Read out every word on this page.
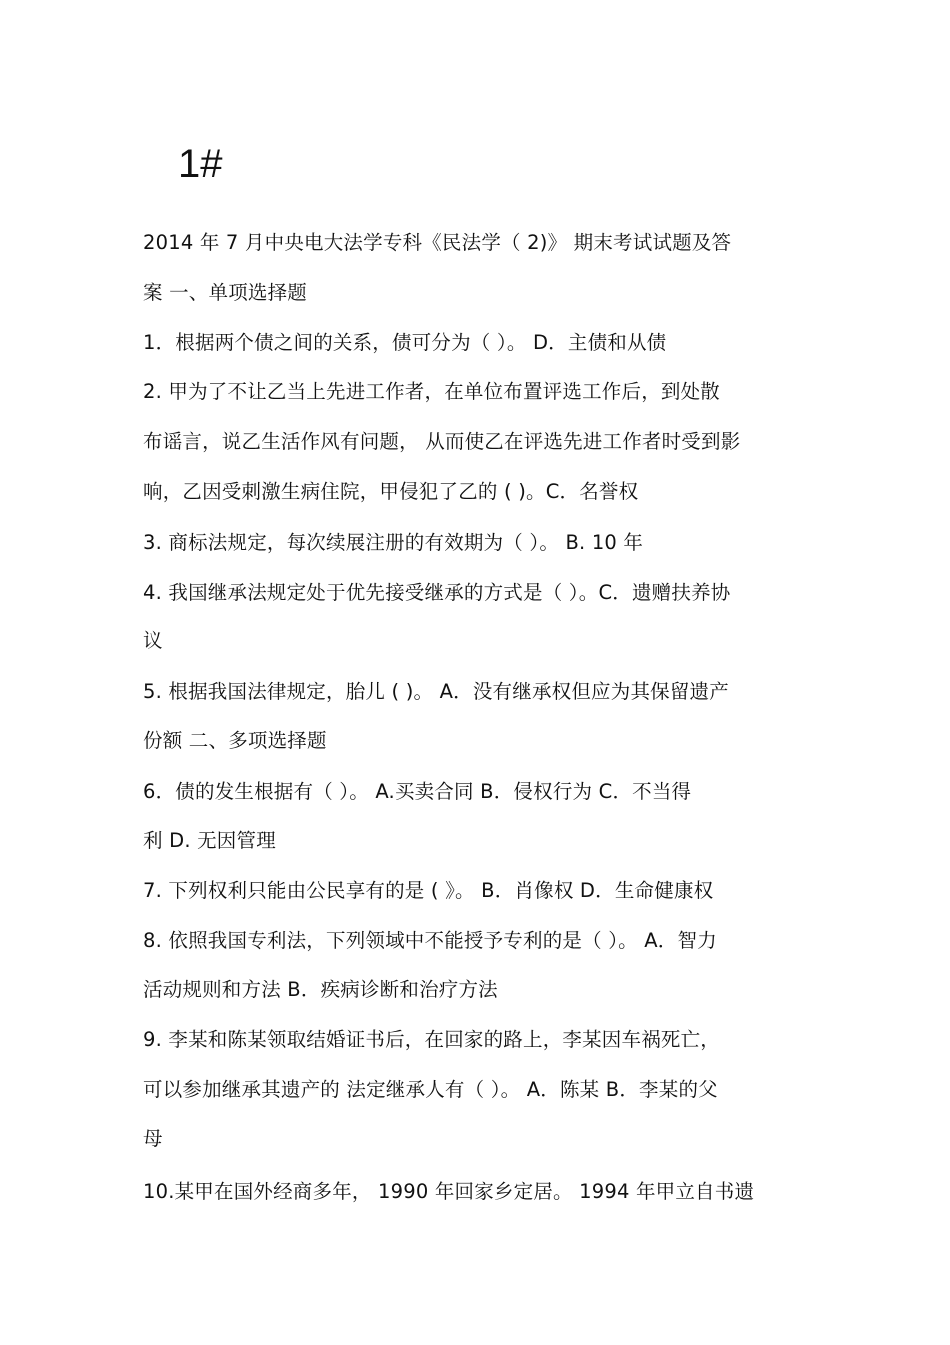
1#
2014 年 7 月中央电大法学专科《民法学（ 2)》 期末考试试题及答
案 一、单项选择题
1．根据两个债之间的关系，债可分为（ ）。 D．主债和从债
2. 甲为了不让乙当上先进工作者，在单位布置评选工作后，到处散
布谣言，说乙生活作风有问题， 从而使乙在评选先进工作者时受到影
响，乙因受刺激生病住院，甲侵犯了乙的 ( )。C．名誉权
3. 商标法规定，每次续展注册的有效期为（ ）。 B. 10 年
4. 我国继承法规定处于优先接受继承的方式是（ ）。C．遗赠扶养协
议
5. 根据我国法律规定，胎儿 ( )。 A．没有继承权但应为其保留遗产
份额 二、多项选择题
6．债的发生根据有（ ）。 A.买卖合同 B．侵权行为 C．不当得
利 D. 无因管理
7. 下列权利只能由公民享有的是 ( 》。 B．肖像权 D．生命健康权
8. 依照我国专利法，下列领域中不能授予专利的是（ ）。 A．智力
活动规则和方法 B．疾病诊断和治疗方法
9. 李某和陈某领取结婚证书后，在回家的路上，李某因车祸死亡，
可以参加继承其遗产的 法定继承人有（ ）。 A．陈某 B．李某的父
母
10.某甲在国外经商多年， 1990 年回家乡定居。 1994 年甲立自书遗
